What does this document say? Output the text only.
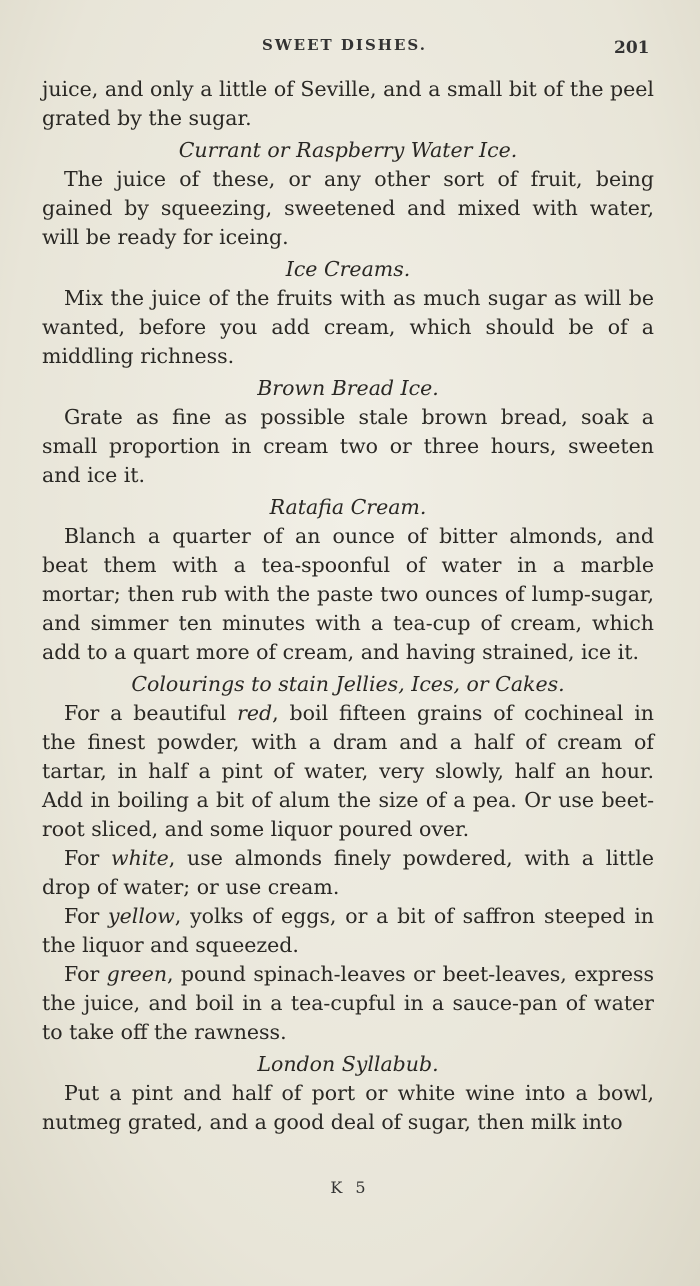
SWEET DISHES.	201

juice, and only a little of Seville, and a small bit of the peel grated by the sugar.

Currant or Raspberry Water Ice.

The juice of these, or any other sort of fruit, being gained by squeezing, sweetened and mixed with water, will be ready for iceing.

Ice Creams.

Mix the juice of the fruits with as much sugar as will be wanted, before you add cream, which should be of a middling richness.

Brown Bread Ice.

Grate as fine as possible stale brown bread, soak a small proportion in cream two or three hours, sweeten and ice it.

Ratafia Cream.

Blanch a quarter of an ounce of bitter almonds, and beat them with a tea-spoonful of water in a marble mortar; then rub with the paste two ounces of lump-sugar, and simmer ten minutes with a tea-cup of cream, which add to a quart more of cream, and having strained, ice it.

Colourings to stain Jellies, Ices, or Cakes.

For a beautiful red, boil fifteen grains of cochineal in the finest powder, with a dram and a half of cream of tartar, in half a pint of water, very slowly, half an hour. Add in boiling a bit of alum the size of a pea. Or use beet-root sliced, and some liquor poured over.

For white, use almonds finely powdered, with a little drop of water; or use cream.

For yellow, yolks of eggs, or a bit of saffron steeped in the liquor and squeezed.

For green, pound spinach-leaves or beet-leaves, express the juice, and boil in a tea-cupful in a sauce-pan of water to take off the rawness.

London Syllabub.

Put a pint and half of port or white wine into a bowl, nutmeg grated, and a good deal of sugar, then milk into

K 5
